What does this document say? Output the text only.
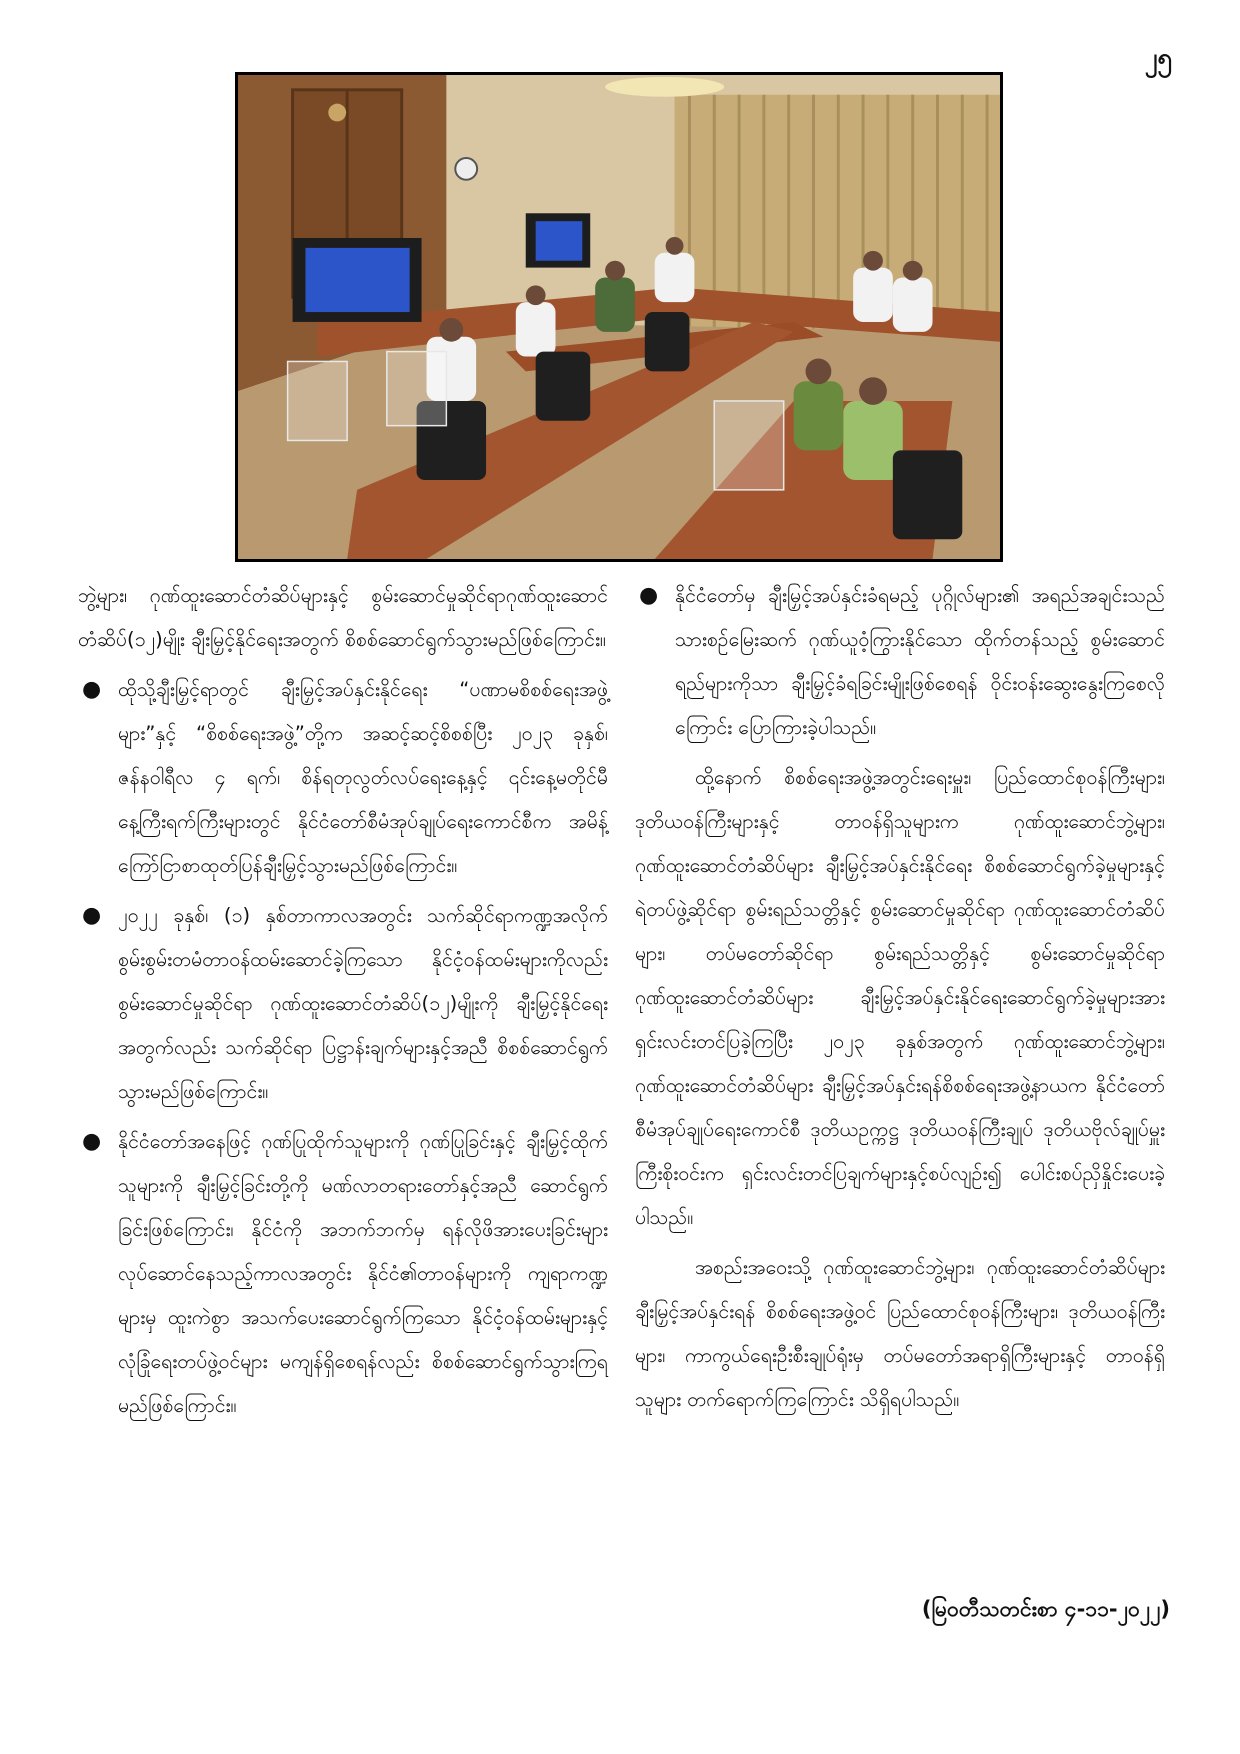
၂၅

ဘွဲ့များ၊ ဂုဏ်ထူးဆောင်တံဆိပ်များနှင့် စွမ်းဆောင်မှုဆိုင်ရာဂုဏ်ထူးဆောင်တံဆိပ်(၁၂)မျိုး ချီးမြှင့်နိုင်ရေးအတွက် စိစစ်ဆောင်ရွက်သွားမည်ဖြစ်ကြောင်း။

● ထိုသို့ချီးမြှင့်ရာတွင် ချီးမြှင့်အပ်နှင်းနိုင်ရေး “ပဏာမစိစစ်ရေးအဖွဲ့များ”နှင့် “စိစစ်ရေးအဖွဲ့”တို့က အဆင့်ဆင့်စိစစ်ပြီး ၂၀၂၃ ခုနှစ်၊ ဇန်နဝါရီလ ၄ ရက်၊ စိန်ရတုလွတ်လပ်ရေးနေ့နှင့် ၎င်းနေ့မတိုင်မီ နေ့ကြီးရက်ကြီးများတွင် နိုင်ငံတော်စီမံအုပ်ချုပ်ရေးကောင်စီက အမိန့်ကြော်ငြာစာထုတ်ပြန်ချီးမြှင့်သွားမည်ဖြစ်ကြောင်း။
● ၂၀၂၂ ခုနှစ်၊ (၁) နှစ်တာကာလအတွင်း သက်ဆိုင်ရာကဏ္ဍအလိုက် စွမ်းစွမ်းတမံတာဝန်ထမ်းဆောင်ခဲ့ကြသော နိုင်ငံ့ဝန်ထမ်းများကိုလည်း စွမ်းဆောင်မှုဆိုင်ရာ ဂုဏ်ထူးဆောင်တံဆိပ်(၁၂)မျိုးကို ချီးမြှင့်နိုင်ရေးအတွက်လည်း သက်ဆိုင်ရာ ပြဋ္ဌာန်းချက်များနှင့်အညီ စိစစ်ဆောင်ရွက်သွားမည်ဖြစ်ကြောင်း။
● နိုင်ငံတော်အနေဖြင့် ဂုဏ်ပြုထိုက်သူများကို ဂုဏ်ပြုခြင်းနှင့် ချီးမြှင့်ထိုက်သူများကို ချီးမြှင့်ခြင်းတို့ကို မဏ်လာတရားတော်နှင့်အညီ ဆောင်ရွက်ခြင်းဖြစ်ကြောင်း၊ နိုင်ငံကို အဘက်ဘက်မှ ရန်လိုဖိအားပေးခြင်းများ လုပ်ဆောင်နေသည့်ကာလအတွင်း နိုင်ငံ၏တာဝန်များကို ကျရာကဏ္ဍများမှ ထူးကဲစွာ အသက်ပေးဆောင်ရွက်ကြသော နိုင်ငံ့ဝန်ထမ်းများနှင့် လုံခြုံရေးတပ်ဖွဲ့ဝင်များ မကျန်ရှိစေရန်လည်း စိစစ်ဆောင်ရွက်သွားကြရမည်ဖြစ်ကြောင်း။
● နိုင်ငံတော်မှ ချီးမြှင့်အပ်နှင်းခံရမည့် ပုဂ္ဂိုလ်များ၏ အရည်အချင်းသည် သားစဉ်မြေးဆက် ဂုဏ်ယူဝံ့ကြွားနိုင်သော ထိုက်တန်သည့် စွမ်းဆောင်ရည်များကိုသာ ချီးမြှင့်ခံရခြင်းမျိုးဖြစ်စေရန် ဝိုင်းဝန်းဆွေးနွေးကြစေလိုကြောင်း ပြောကြားခဲ့ပါသည်။

ထို့နောက် စိစစ်ရေးအဖွဲ့အတွင်းရေးမှူး၊ ပြည်ထောင်စုဝန်ကြီးများ၊ ဒုတိယဝန်ကြီးများနှင့် တာဝန်ရှိသူများက ဂုဏ်ထူးဆောင်ဘွဲ့များ၊ ဂုဏ်ထူးဆောင်တံဆိပ်များ ချီးမြှင့်အပ်နှင်းနိုင်ရေး စိစစ်ဆောင်ရွက်ခဲ့မှုများနှင့် ရဲတပ်ဖွဲ့ဆိုင်ရာ စွမ်းရည်သတ္တိနှင့် စွမ်းဆောင်မှုဆိုင်ရာ ဂုဏ်ထူးဆောင်တံဆိပ်များ၊ တပ်မတော်ဆိုင်ရာ စွမ်းရည်သတ္တိနှင့် စွမ်းဆောင်မှုဆိုင်ရာ ဂုဏ်ထူးဆောင်တံဆိပ်များ ချီးမြှင့်အပ်နှင်းနိုင်ရေးဆောင်ရွက်ခဲ့မှုများအား ရှင်းလင်းတင်ပြခဲ့ကြပြီး ၂၀၂၃ ခုနှစ်အတွက် ဂုဏ်ထူးဆောင်ဘွဲ့များ၊ ဂုဏ်ထူးဆောင်တံဆိပ်များ ချီးမြှင့်အပ်နှင်းရန်စိစစ်ရေးအဖွဲ့နာယက နိုင်ငံတော်စီမံအုပ်ချုပ်ရေးကောင်စီ ဒုတိယဥက္ကဋ္ဌ ဒုတိယဝန်ကြီးချုပ် ဒုတိယဗိုလ်ချုပ်မှူးကြီးစိုးဝင်းက ရှင်းလင်းတင်ပြချက်များနှင့်စပ်လျဉ်း၍ ပေါင်းစပ်ညှိနှိုင်းပေးခဲ့ပါသည်။

အစည်းအဝေးသို့ ဂုဏ်ထူးဆောင်ဘွဲ့များ၊ ဂုဏ်ထူးဆောင်တံဆိပ်များ ချီးမြှင့်အပ်နှင်းရန် စိစစ်ရေးအဖွဲ့ဝင် ပြည်ထောင်စုဝန်ကြီးများ၊ ဒုတိယဝန်ကြီးများ၊ ကာကွယ်ရေးဦးစီးချုပ်ရုံးမှ တပ်မတော်အရာရှိကြီးများနှင့် တာဝန်ရှိသူများ တက်ရောက်ကြကြောင်း သိရှိရပါသည်။

(မြဝတီသတင်းစာ ၄-၁၁-၂၀၂၂)
